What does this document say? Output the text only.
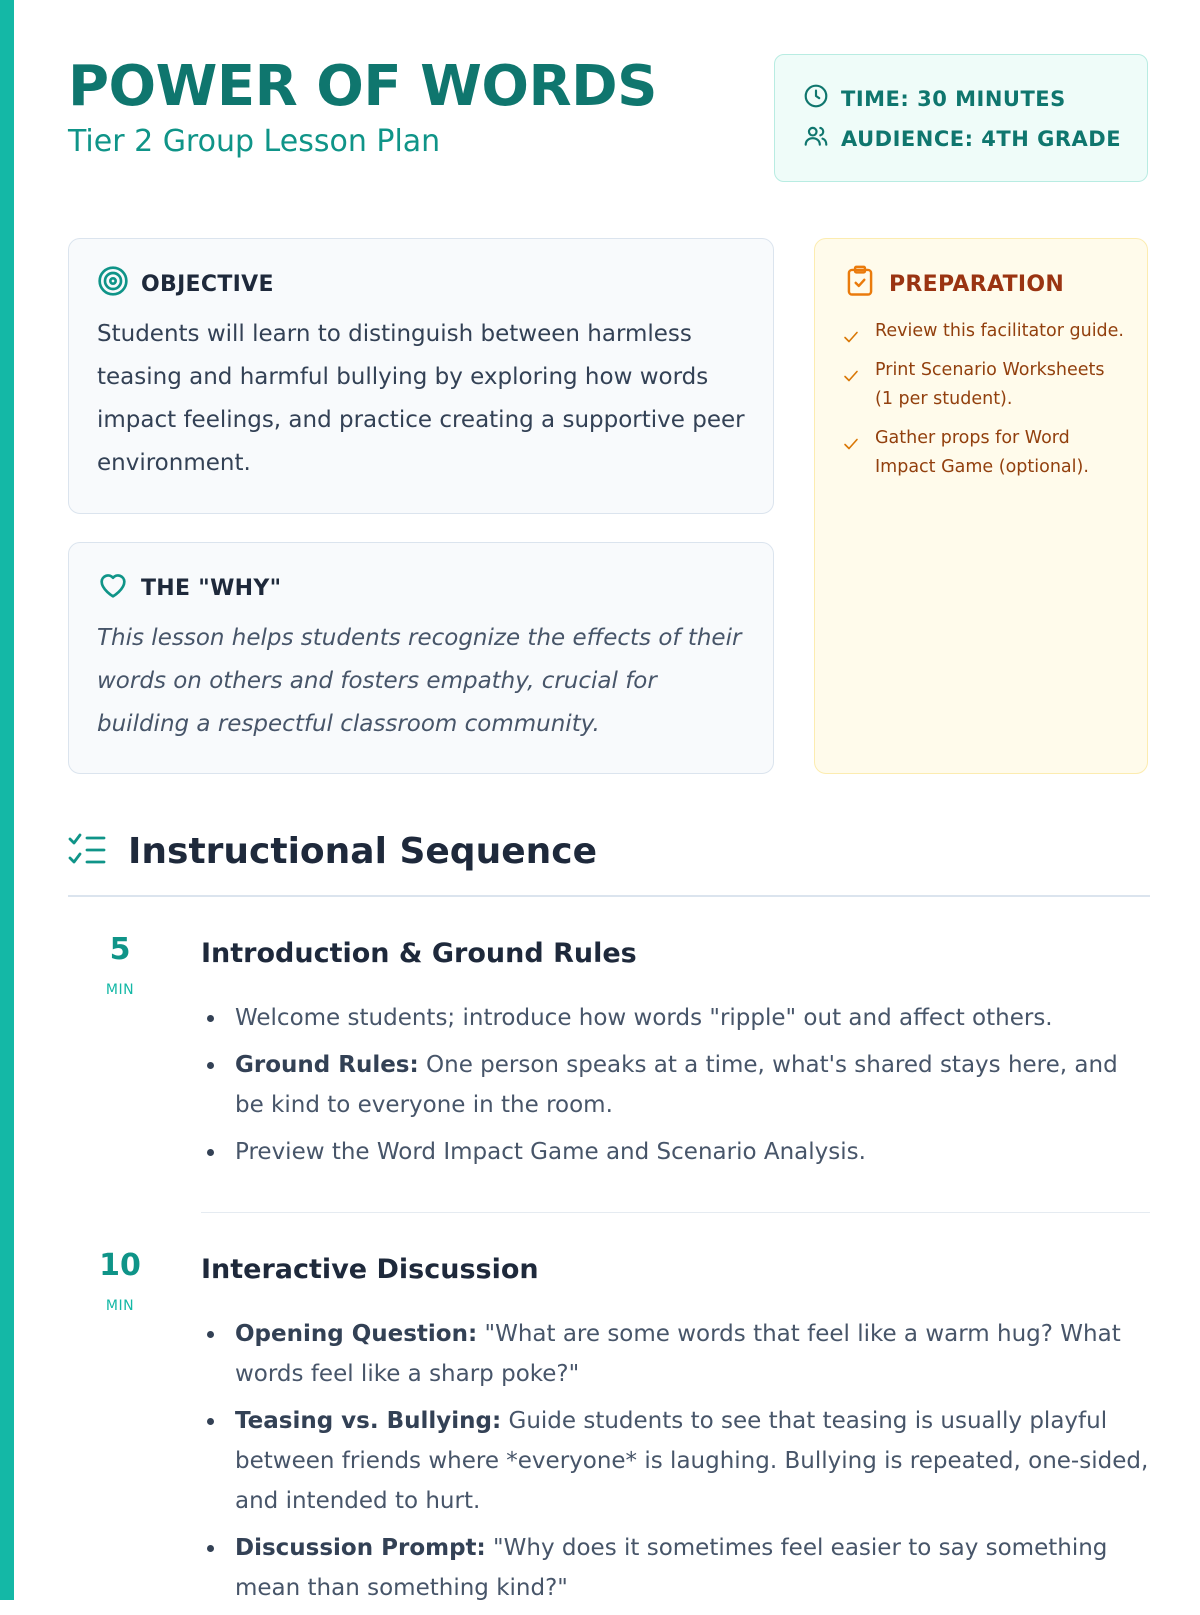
POWER OF WORDS
Tier 2 Group Lesson Plan
TIME: 30 MINUTES
AUDIENCE: 4TH GRADE
OBJECTIVE

Students will learn to distinguish between harmless teasing and harmful bullying by exploring how words impact feelings, and practice creating a supportive peer environment.

THE "WHY"

This lesson helps students recognize the effects of their words on others and fosters empathy, crucial for building a respectful classroom community.

PREPARATION
Review this facilitator guide.
Print Scenario Worksheets (1 per student).
Gather props for Word Impact Game (optional).
Instructional Sequence
5
MIN
Introduction & Ground Rules
Welcome students; introduce how words "ripple" out and affect others.
Ground Rules: One person speaks at a time, what's shared stays here, and be kind to everyone in the room.
Preview the Word Impact Game and Scenario Analysis.
10
MIN
Interactive Discussion
Opening Question: "What are some words that feel like a warm hug? What words feel like a sharp poke?"
Teasing vs. Bullying: Guide students to see that teasing is usually playful between friends where *everyone* is laughing. Bullying is repeated, one-sided, and intended to hurt.
Discussion Prompt: "Why does it sometimes feel easier to say something mean than something kind?"
